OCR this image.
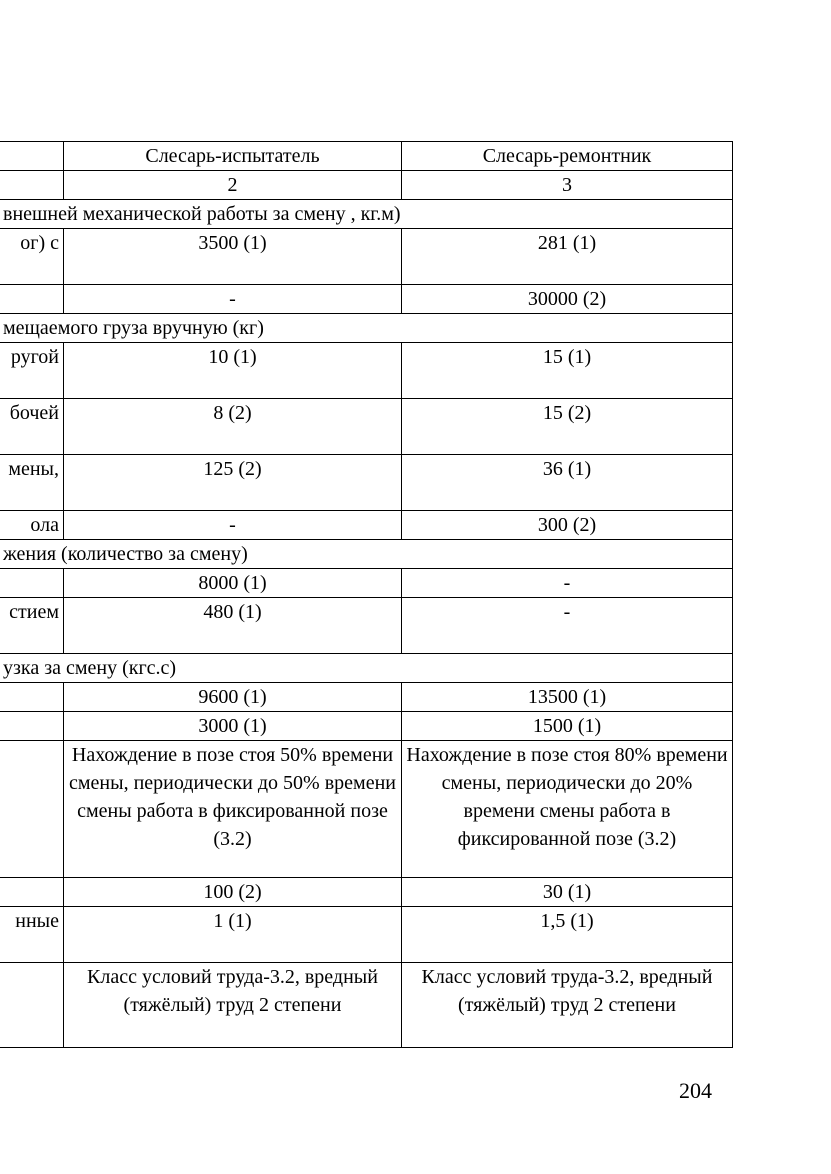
	Слесарь-испытатель	Слесарь-ремонтник
	2	3
внешней механической работы за смену , кг.м)		
ог) с	3500 (1)	281 (1)
	-	30000 (2)
мещаемого груза вручную (кг)		
ругой	10 (1)	15 (1)
бочей	8 (2)	15 (2)
мены,	125 (2)	36 (1)
ола	-	300 (2)
жения (количество за смену)		
	8000 (1)	-
стием	480 (1)	-
узка за смену (кгс.с)		
	9600 (1)	13500 (1)
	3000 (1)	1500 (1)
	Нахождение в позе стоя 50% времени смены, периодически до 50% времени смены работа в фиксированной позе (3.2)	Нахождение в позе стоя 80% времени смены, периодически до 20% времени смены работа в фиксированной позе (3.2)
	100 (2)	30 (1)
нные	1 (1)	1,5 (1)
	Класс условий труда-3.2, вредный (тяжёлый) труд 2 степени	Класс условий труда-3.2, вредный (тяжёлый) труд 2 степени
204
